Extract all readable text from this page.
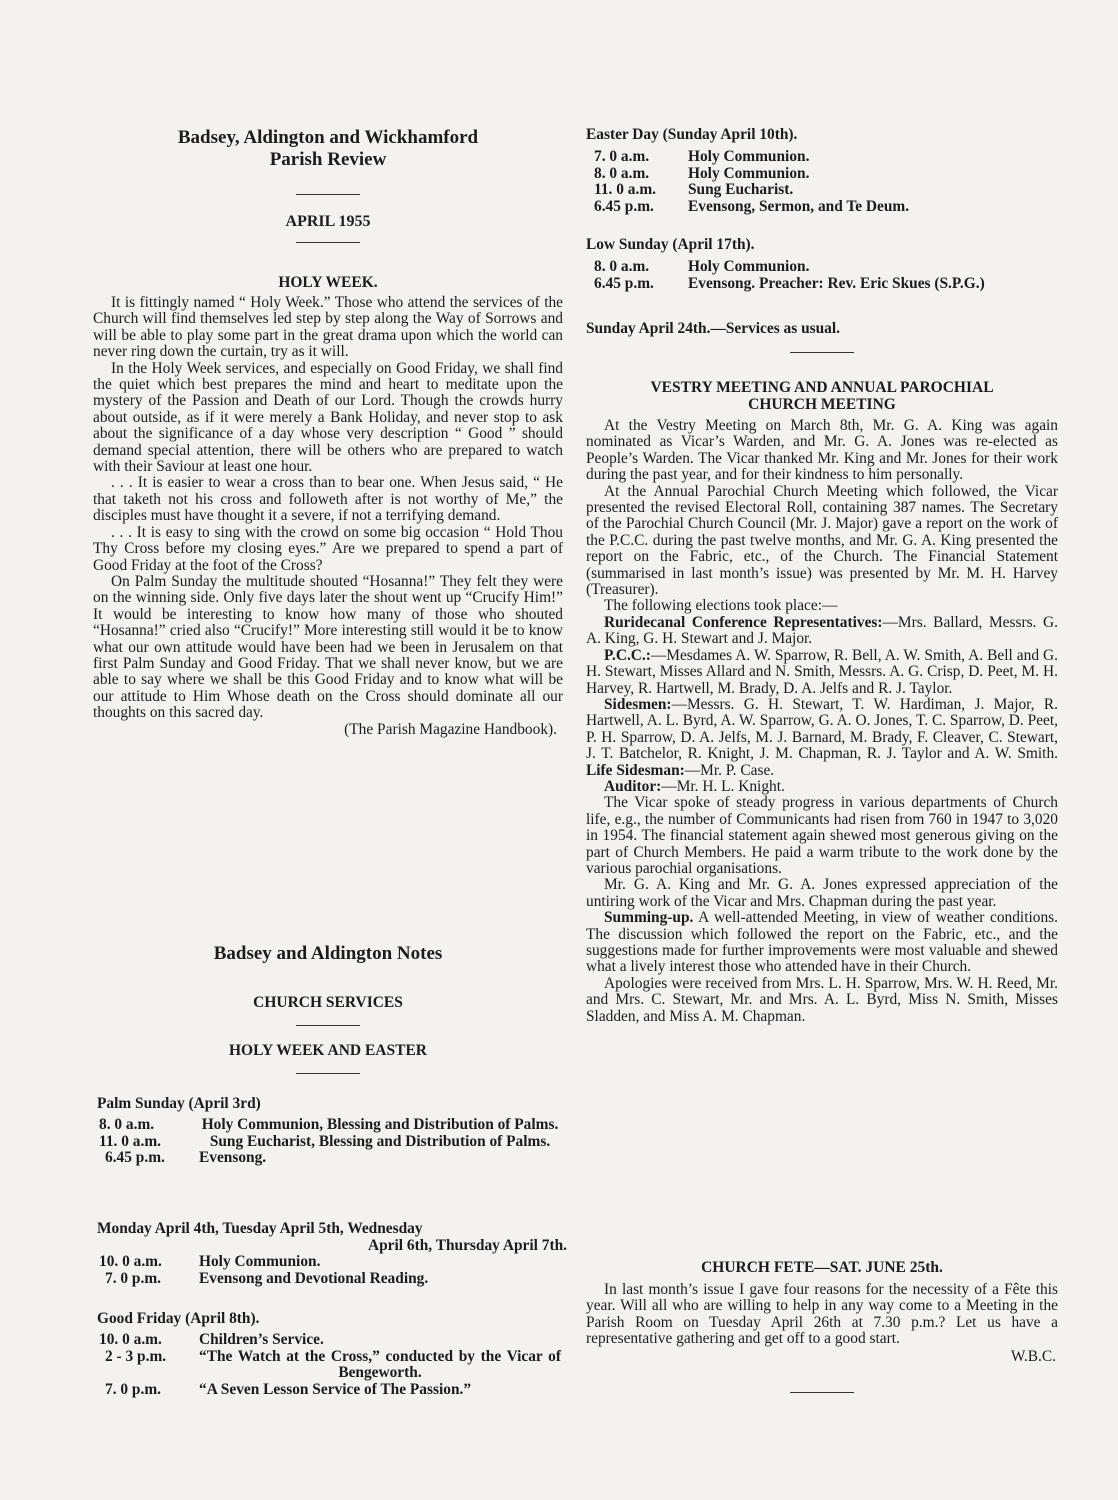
Badsey, Aldington and Wickhamford
Parish Review
APRIL 1955
HOLY WEEK.

It is fittingly named “ Holy Week.” Those who attend the services of the Church will find themselves led step by step along the Way of Sorrows and will be able to play some part in the great drama upon which the world can never ring down the curtain, try as it will.

In the Holy Week services, and especially on Good Friday, we shall find the quiet which best prepares the mind and heart to meditate upon the mystery of the Passion and Death of our Lord. Though the crowds hurry about outside, as if it were merely a Bank Holiday, and never stop to ask about the significance of a day whose very description “ Good ” should demand special attention, there will be others who are prepared to watch with their Saviour at least one hour.

. . . It is easier to wear a cross than to bear one. When Jesus said, “ He that taketh not his cross and followeth after is not worthy of Me,” the disciples must have thought it a severe, if not a terrifying demand.

. . . It is easy to sing with the crowd on some big occasion “ Hold Thou Thy Cross before my closing eyes.” Are we prepared to spend a part of Good Friday at the foot of the Cross?

On Palm Sunday the multitude shouted “Hosanna!” They felt they were on the winning side. Only five days later the shout went up “Crucify Him!” It would be interesting to know how many of those who shouted “Hosanna!” cried also “Crucify!” More interesting still would it be to know what our own attitude would have been had we been in Jerusalem on that first Palm Sunday and Good Friday. That we shall never know, but we are able to say where we shall be this Good Friday and to know what will be our attitude to Him Whose death on the Cross should dominate all our thoughts on this sacred day.

(The Parish Magazine Handbook).

Badsey and Aldington Notes
CHURCH SERVICES
HOLY WEEK AND EASTER
Palm Sunday (April 3rd)
8. 0 a.m.	Holy Communion, Blessing and Distribution of Palms.
11. 0 a.m.	Sung Eucharist, Blessing and Distribution of Palms.
6.45 p.m.	Evensong.
Monday April 4th, Tuesday April 5th, Wednesday
April 6th, Thursday April 7th.
10. 0 a.m.	Holy Communion.
7. 0 p.m.	Evensong and Devotional Reading.
Good Friday (April 8th).
10. 0 a.m.	Children’s Service.
2 - 3 p.m.	“The Watch at the Cross,” conducted by the Vicar of Bengeworth.
7. 0 p.m.	“A Seven Lesson Service of The Passion.”
Easter Day (Sunday April 10th).
7. 0 a.m.	Holy Communion.
8. 0 a.m.	Holy Communion.
11. 0 a.m.	Sung Eucharist.
6.45 p.m.	Evensong, Sermon, and Te Deum.
Low Sunday (April 17th).
8. 0 a.m.	Holy Communion.
6.45 p.m.	Evensong. Preacher: Rev. Eric Skues (S.P.G.)
Sunday April 24th.—Services as usual.
VESTRY MEETING AND ANNUAL PAROCHIAL
CHURCH MEETING

At the Vestry Meeting on March 8th, Mr. G. A. King was again nominated as Vicar’s Warden, and Mr. G. A. Jones was re-elected as People’s Warden. The Vicar thanked Mr. King and Mr. Jones for their work during the past year, and for their kindness to him personally.

At the Annual Parochial Church Meeting which followed, the Vicar presented the revised Electoral Roll, containing 387 names. The Secretary of the Parochial Church Council (Mr. J. Major) gave a report on the work of the P.C.C. during the past twelve months, and Mr. G. A. King presented the report on the Fabric, etc., of the Church. The Financial Statement (summarised in last month’s issue) was presented by Mr. M. H. Harvey (Treasurer).

The following elections took place:—

Ruridecanal Conference Representatives:—Mrs. Ballard, Messrs. G. A. King, G. H. Stewart and J. Major.

P.C.C.:—Mesdames A. W. Sparrow, R. Bell, A. W. Smith, A. Bell and G. H. Stewart, Misses Allard and N. Smith, Messrs. A. G. Crisp, D. Peet, M. H. Harvey, R. Hartwell, M. Brady, D. A. Jelfs and R. J. Taylor.

Sidesmen:—Messrs. G. H. Stewart, T. W. Hardiman, J. Major, R. Hartwell, A. L. Byrd, A. W. Sparrow, G. A. O. Jones, T. C. Sparrow, D. Peet, P. H. Sparrow, D. A. Jelfs, M. J. Barnard, M. Brady, F. Cleaver, C. Stewart, J. T. Batchelor, R. Knight, J. M. Chapman, R. J. Taylor and A. W. Smith. Life Sidesman:—Mr. P. Case.

Auditor:—Mr. H. L. Knight.

The Vicar spoke of steady progress in various departments of Church life, e.g., the number of Communicants had risen from 760 in 1947 to 3,020 in 1954. The financial statement again shewed most generous giving on the part of Church Members. He paid a warm tribute to the work done by the various parochial organisations.

Mr. G. A. King and Mr. G. A. Jones expressed appreciation of the untiring work of the Vicar and Mrs. Chapman during the past year.

Summing-up. A well-attended Meeting, in view of weather conditions. The discussion which followed the report on the Fabric, etc., and the suggestions made for further improvements were most valuable and shewed what a lively interest those who attended have in their Church.

Apologies were received from Mrs. L. H. Sparrow, Mrs. W. H. Reed, Mr. and Mrs. C. Stewart, Mr. and Mrs. A. L. Byrd, Miss N. Smith, Misses Sladden, and Miss A. M. Chapman.

CHURCH FETE—SAT. JUNE 25th.

In last month’s issue I gave four reasons for the necessity of a Fête this year. Will all who are willing to help in any way come to a Meeting in the Parish Room on Tuesday April 26th at 7.30 p.m.? Let us have a representative gathering and get off to a good start.

W.B.C.
